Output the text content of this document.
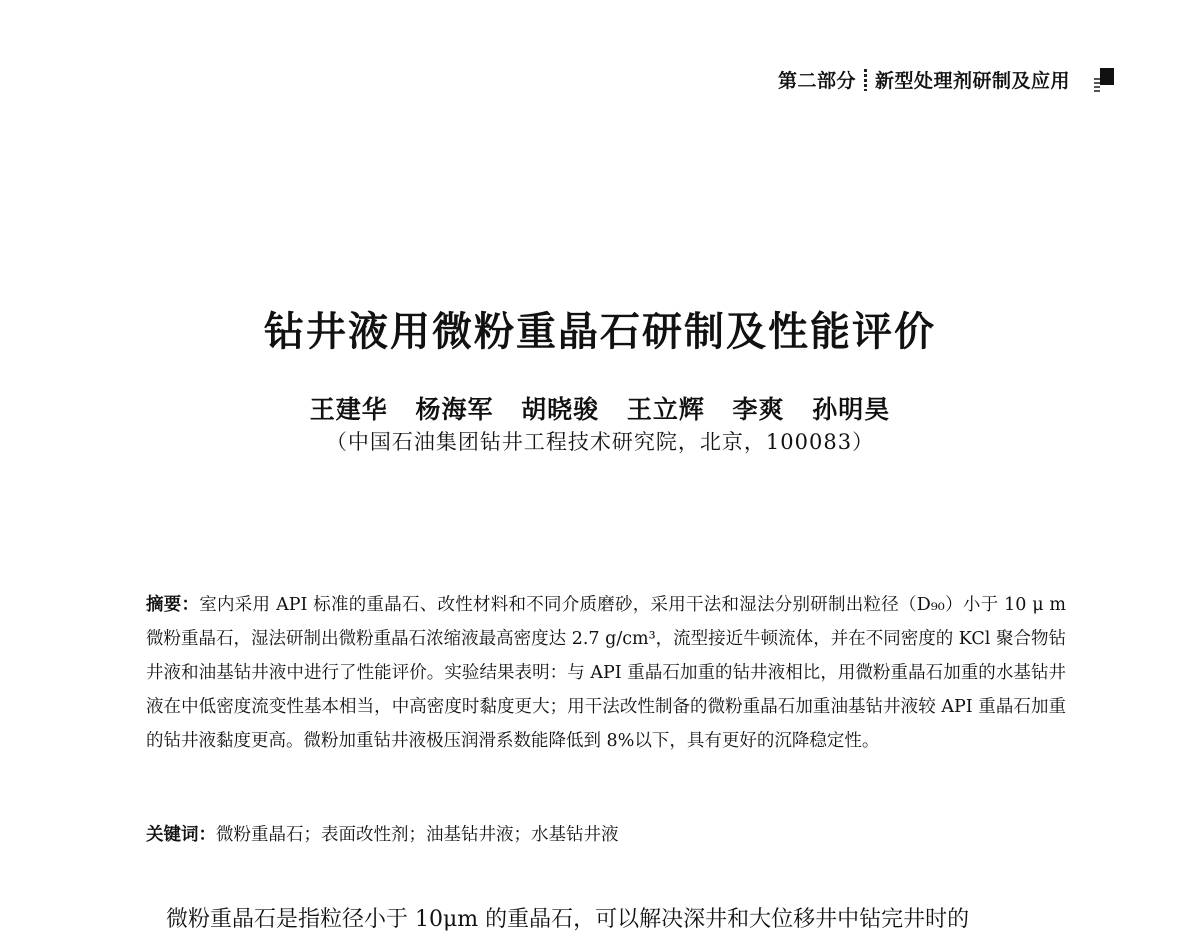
第二部分 新型处理剂研制及应用
钻井液用微粉重晶石研制及性能评价
王建华 杨海军 胡晓骏 王立辉 李爽 孙明昊
（中国石油集团钻井工程技术研究院，北京，100083）
摘要：室内采用 API 标准的重晶石、改性材料和不同介质磨砂，采用干法和湿法分别研制出粒径（D₉₀）小于 10 μ m 微粉重晶石，湿法研制出微粉重晶石浓缩液最高密度达 2.7 g/cm³，流型接近牛顿流体，并在不同密度的 KCl 聚合物钻井液和油基钻井液中进行了性能评价。实验结果表明：与 API 重晶石加重的钻井液相比，用微粉重晶石加重的水基钻井液在中低密度流变性基本相当，中高密度时黏度更大；用干法改性制备的微粉重晶石加重油基钻井液较 API 重晶石加重的钻井液黏度更高。微粉加重钻井液极压润滑系数能降低到 8%以下，具有更好的沉降稳定性。
关键词：微粉重晶石；表面改性剂；油基钻井液；水基钻井液
微粉重晶石是指粒径小于 10μm 的重晶石，可以解决深井和大位移井中钻完井时的
